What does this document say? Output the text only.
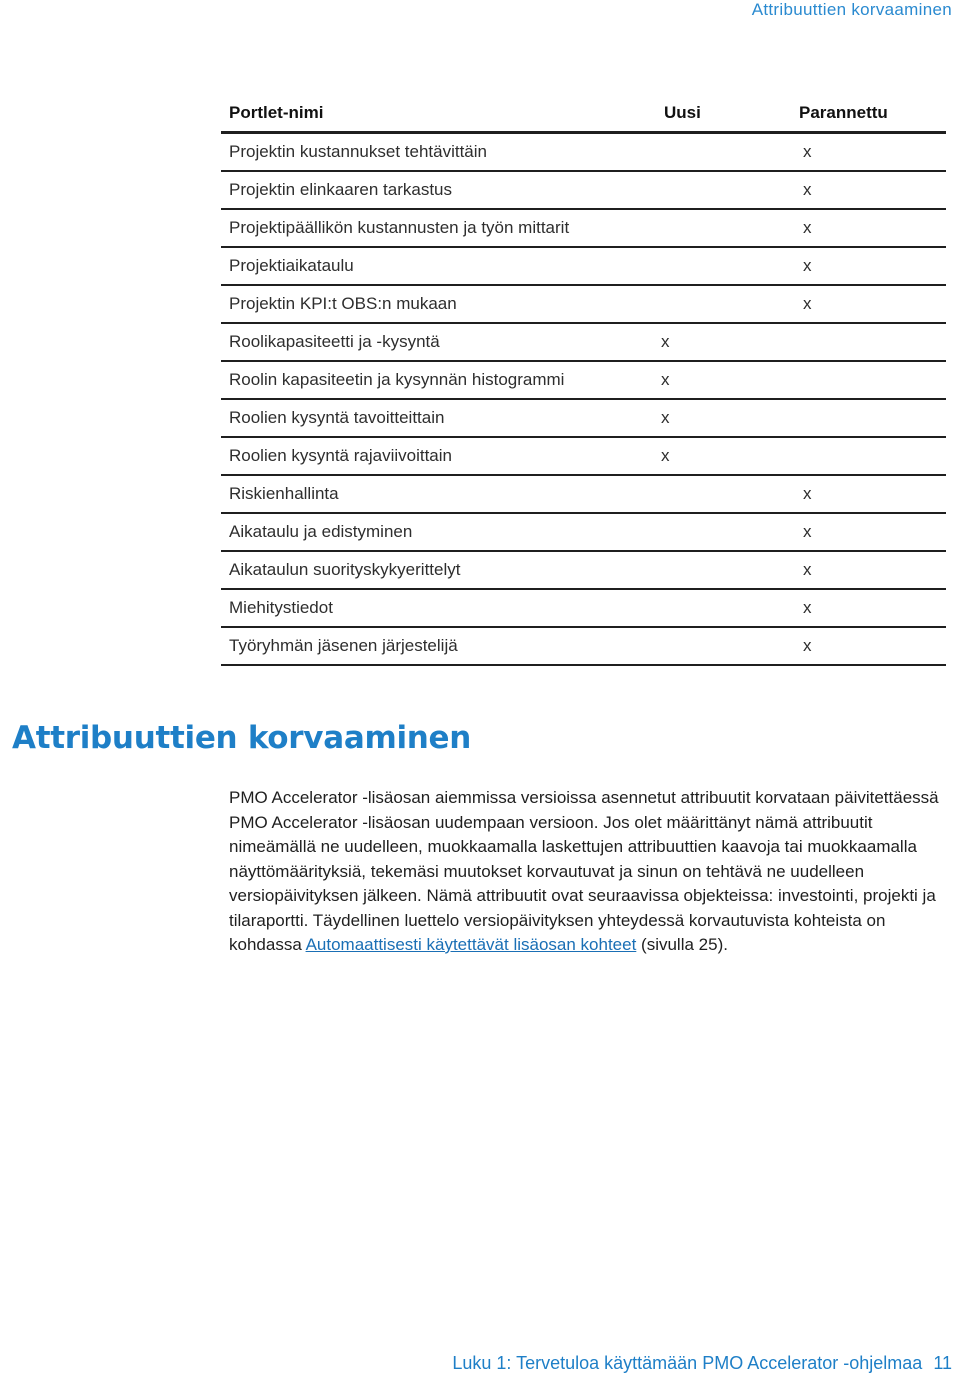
Attribuuttien korvaaminen
Portlet-nimi	Uusi	Parannettu
Projektin kustannukset tehtävittäin		x
Projektin elinkaaren tarkastus		x
Projektipäällikön kustannusten ja työn mittarit		x
Projektiaikataulu		x
Projektin KPI:t OBS:n mukaan		x
Roolikapasiteetti ja -kysyntä	x	
Roolin kapasiteetin ja kysynnän histogrammi	x	
Roolien kysyntä tavoitteittain	x	
Roolien kysyntä rajaviivoittain	x	
Riskienhallinta		x
Aikataulu ja edistyminen		x
Aikataulun suorityskykyerittelyt		x
Miehitystiedot		x
Työryhmän jäsenen järjestelijä		x
Attribuuttien korvaaminen

PMO Accelerator -lisäosan aiemmissa versioissa asennetut attribuutit korvataan päivitettäessä PMO Accelerator -lisäosan uudempaan versioon. Jos olet määrittänyt nämä attribuutit nimeämällä ne uudelleen, muokkaamalla laskettujen attribuuttien kaavoja tai muokkaamalla näyttömäärityksiä, tekemäsi muutokset korvautuvat ja sinun on tehtävä ne uudelleen versiopäivityksen jälkeen. Nämä attribuutit ovat seuraavissa objekteissa: investointi, projekti ja tilaraportti. Täydellinen luettelo versiopäivityksen yhteydessä korvautuvista kohteista on kohdassa Automaattisesti käytettävät lisäosan kohteet (sivulla 25).

Luku 1: Tervetuloa käyttämään PMO Accelerator -ohjelmaa 11
